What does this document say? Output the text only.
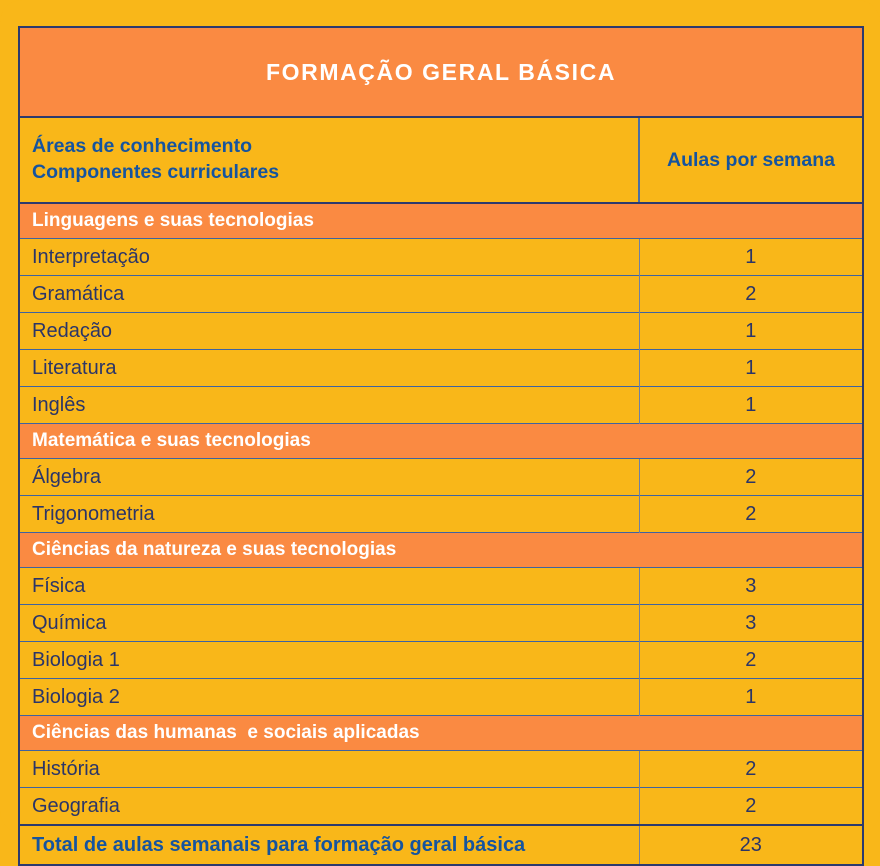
FORMAÇÃO GERAL BÁSICA	
Áreas de conhecimento
Componentes curriculares	Aulas por semana
Linguagens e suas tecnologias	
Interpretação	1
Gramática	2
Redação	1
Literatura	1
Inglês	1
Matemática e suas tecnologias	
Álgebra	2
Trigonometria	2
Ciências da natureza e suas tecnologias	
Física	3
Química	3
Biologia 1	2
Biologia 2	1
Ciências das humanas  e sociais aplicadas	
História	2
Geografia	2
Total de aulas semanais para formação geral básica	23
